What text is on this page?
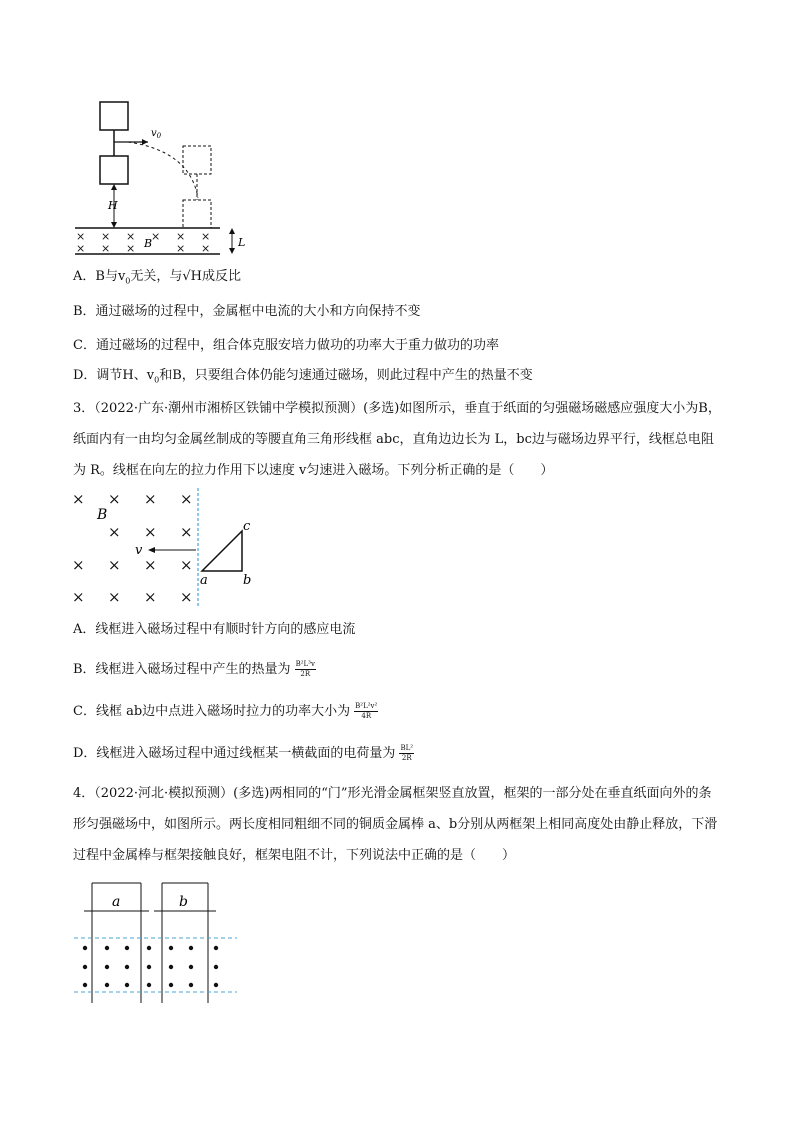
$v_0$
H
× × × × × ×
× × ×	× ×
B	L
A．B与$v_0$无关，与√H成反比
B．通过磁场的过程中，金属框中电流的大小和方向保持不变
C．通过磁场的过程中，组合体克服安培力做功的功率大于重力做功的功率
D．调节H、$v_0$和B，只要组合体仍能匀速通过磁场，则此过程中产生的热量不变
3．（2022·广东·潮州市湘桥区铁铺中学模拟预测）(多选)如图所示，垂直于纸面的匀强磁场磁感应强度大小为B，纸面内有一由均匀金属丝制成的等腰直角三角形线框 abc，直角边边长为 L，bc边与磁场边界平行，线框总电阻为 R。线框在向左的拉力作用下以速度 v匀速进入磁场。下列分析正确的是（　　）
× × × ×
× × ×
× × × ×
× × × ×
B
v
a	b
c
A．线框进入磁场过程中有顺时针方向的感应电流
B．线框进入磁场过程中产生的热量为 $\frac{\text{B²L³v}}{2R}$
C．线框 ab边中点进入磁场时拉力的功率大小为 $\frac{\text{B²L²v²}}{4R}$
D．线框进入磁场过程中通过线框某一横截面的电荷量为 $\frac{\text{BL²}}{2R}$
4．（2022·河北·模拟预测）(多选)两相同的“门”形光滑金属框架竖直放置，框架的一部分处在垂直纸面向外的条形匀强磁场中，如图所示。两长度相同粗细不同的铜质金属棒 a、b分别从两框架上相同高度处由静止释放，下滑过程中金属棒与框架接触良好，框架电阻不计，下列说法中正确的是（　　）
a	b
